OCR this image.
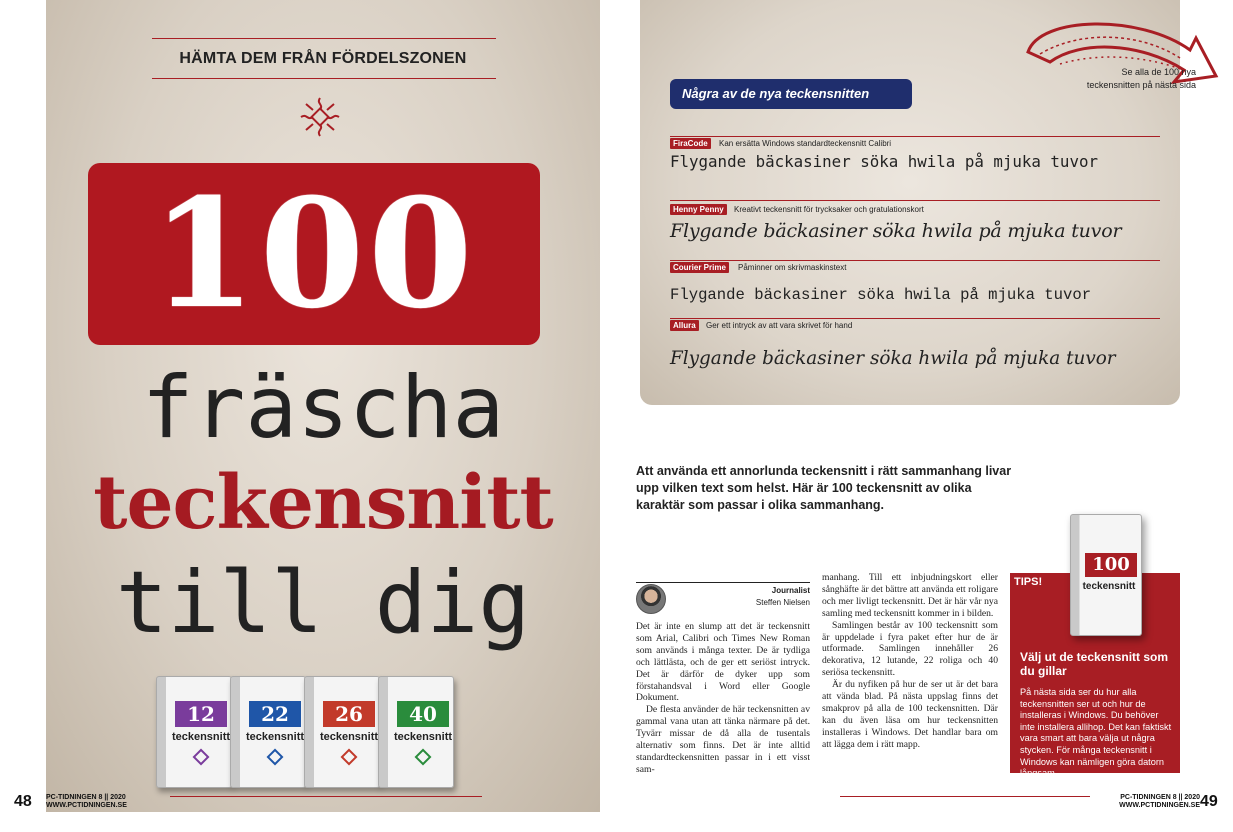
HÄMTA DEM FRÅN FÖRDELSZONEN
100
fräscha
teckensnitt
till dig
12
teckensnitt
22
teckensnitt
26
teckensnitt
40
teckensnitt
48 PC-TIDNINGEN 8 || 2020
WWW.PCTIDNINGEN.SE
Några av de nya teckensnitten
Se alla de 100 nya teckensnitten på nästa sida
FiraCode	Kan ersätta Windows standardteckensnitt Calibri
Flygande bäckasiner söka hwila på mjuka tuvor
Henny Penny	Kreativt teckensnitt för trycksaker och gratulationskort
Flygande bäckasiner söka hwila på mjuka tuvor
Courier Prime	Påminner om skrivmaskinstext
Flygande bäckasiner söka hwila på mjuka tuvor
Allura	Ger ett intryck av att vara skrivet för hand
Flygande bäckasiner söka hwila på mjuka tuvor
Att använda ett annorlunda teckensnitt i rätt sammanhang livar upp vilken text som helst. Här är 100 teckensnitt av olika karaktär som passar i olika sammanhang.
Journalist
Steffen Nielsen

Det är inte en slump att det är teckensnitt som Arial, Calibri och Times New Roman som används i många texter. De är tydliga och lättlästa, och de ger ett seriöst intryck. Det är därför de dyker upp som förstahandsval i Word eller Google Dokument.

De flesta använder de här teckensnitten av gammal vana utan att tänka närmare på det. Tyvärr missar de då alla de tusentals alternativ som finns. Det är inte alltid standardteckensnitten passar in i ett visst sam-

manhang. Till ett inbjudningskort eller sånghäfte är det bättre att använda ett roligare och mer livligt teckensnitt. Det är här vår nya samling med teckensnitt kommer in i bilden.

Samlingen består av 100 teckensnitt som är uppdelade i fyra paket efter hur de är utformade. Samlingen innehåller 26 dekorativa, 12 lutande, 22 roliga och 40 seriösa teckensnitt.

Är du nyfiken på hur de ser ut är det bara att vända blad. På nästa uppslag finns det smakprov på alla de 100 teckensnitten. Där kan du även läsa om hur teckensnitten installeras i Windows. Det handlar bara om att lägga dem i rätt mapp.

TIPS!
100
teckensnitt
Välj ut de teckensnitt som du gillar
På nästa sida ser du hur alla teckensnitten ser ut och hur de installeras i Windows. Du behöver inte installera allihop. Det kan faktiskt vara smart att bara välja ut några stycken. För många teckensnitt i Windows kan nämligen göra datorn långsam.
PC-TIDNINGEN 8 || 2020
WWW.PCTIDNINGEN.SE 49
